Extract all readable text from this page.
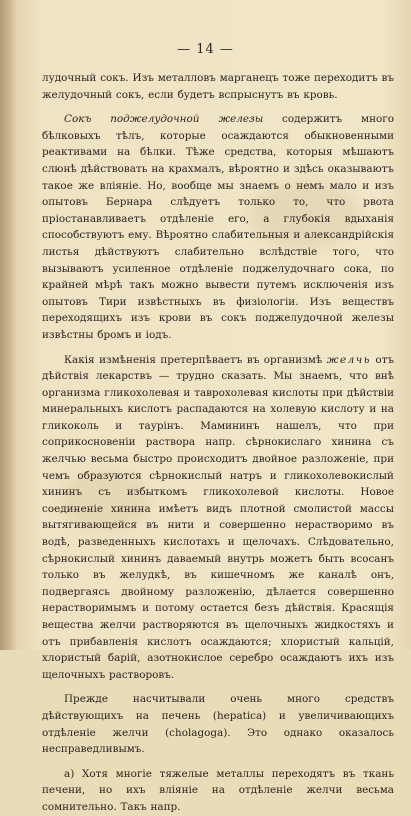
— 14 —

лудочный сокъ. Изъ металловъ марганецъ тоже переходитъ въ желудочный сокъ, если будетъ вспрыснутъ въ кровь.

Сокъ поджелудочной железы содержитъ много бѣлковыхъ тѣлъ, которые осаждаются обыкновенными реактивами на бѣлки. Тѣже средства, которыя мѣшаютъ слюнѣ дѣйствовать на крахмалъ, вѣроятно и здѣсь оказываютъ такое же вліяніе. Но, вообще мы знаемъ о немъ мало и изъ опытовъ Бернара слѣдуетъ только то, что рвота пріостанавливаетъ отдѣленіе его, а глубокія вдыханія способствуютъ ему. Вѣроятно слабительныя и александрійскія листья дѣйствуютъ слабительно вслѣдствіе того, что вызываютъ усиленное отдѣленіе поджелудочнаго сока, по крайней мѣрѣ такъ можно вывести путемъ исключенія изъ опытовъ Тири извѣстныхъ въ физіологіи. Изъ веществъ переходящихъ изъ крови въ сокъ поджелудочной железы извѣстны бромъ и іодъ.

Какія измѣненія претерпѣваетъ въ организмѣ желчь отъ дѣйствія лекарствъ — трудно сказать. Мы знаемъ, что внѣ организма гликохолевая и таврохолевая кислоты при дѣйствіи минеральныхъ кислотъ распадаются на холевую кислоту и на гликоколь и таурінъ. Мамининъ нашелъ, что при соприкосновеніи раствора напр. сѣрнокислаго хинина съ желчью весьма быстро происходитъ двойное разложеніе, при чемъ образуются сѣрнокислый натръ и гликохолевокислый хининъ съ избыткомъ гликохолевой кислоты. Новое соединеніе хинина имѣетъ видъ плотной смолистой массы вытягивающейся въ нити и совершенно нерастворимо въ водѣ, разведенныхъ кислотахъ и щелочахъ. Слѣдовательно, сѣрнокислый хининъ даваемый внутрь можетъ быть всосанъ только въ желудкѣ, въ кишечномъ же каналѣ онъ, подвергаясь двойному разложенію, дѣлается совершенно нерастворимымъ и потому остается безъ дѣйствія. Красящія вещества желчи растворяются въ щелочныхъ жидкостяхъ и отъ прибавленія кислотъ осаждаются; хлористый кальцій, хлористый барій, азотнокислое серебро осаждаютъ ихъ изъ щелочныхъ растворовъ.

Прежде насчитывали очень много средствъ дѣйствующихъ на печень (hepatica) и увеличивающихъ отдѣленіе желчи (cholagoga). Это однако оказалось несправедливымъ.

а) Хотя многіе тяжелые металлы переходятъ въ ткань печени, но ихъ вліяніе на отдѣленіе желчи весьма сомнительно. Такъ напр.
